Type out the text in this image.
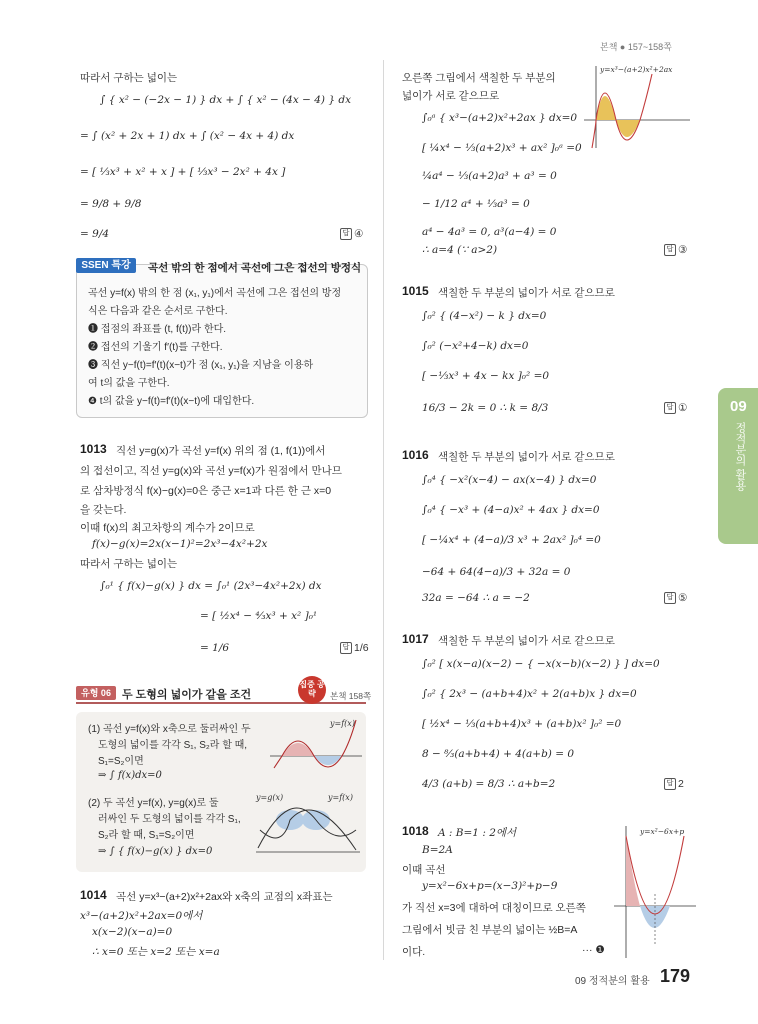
본책 ● 157~158쪽
09 정적분의 활용 179
09
정적분의 활용
따라서 구하는 넓이는
∫ { x² − (−2x − 1) } dx + ∫ { x² − (4x − 4) } dx
= ∫ (x² + 2x + 1) dx + ∫ (x² − 4x + 4) dx
= [ ⅓x³ + x² + x ] + [ ⅓x³ − 2x² + 4x ]
= 9/8 + 9/8
= 9/4	답 ④
SSEN 특강	곡선 밖의 한 점에서 곡선에 그은 접선의 방정식
곡선 y=f(x) 밖의 한 점 (x₁, y₁)에서 곡선에 그은 접선의 방정
식은 다음과 같은 순서로 구한다.
❶ 접점의 좌표를 (t, f(t))라 한다.
❷ 접선의 기울기 f′(t)를 구한다.
❸ 직선 y−f(t)=f′(t)(x−t)가 점 (x₁, y₁)을 지남을 이용하
여 t의 값을 구한다.
❹ t의 값을 y−f(t)=f′(t)(x−t)에 대입한다.
1013 직선 y=g(x)가 곡선 y=f(x) 위의 점 (1, f(1))에서
의 접선이고, 직선 y=g(x)와 곡선 y=f(x)가 원점에서 만나므
로 삼차방정식 f(x)−g(x)=0은 중근 x=1과 다른 한 근 x=0
을 갖는다.
이때 f(x)의 최고차항의 계수가 2이므로
f(x)−g(x)=2x(x−1)²=2x³−4x²+2x
따라서 구하는 넓이는
∫₀¹ { f(x)−g(x) } dx = ∫₀¹ (2x³−4x²+2x) dx
= [ ½x⁴ − ⁴⁄₃x³ + x² ]₀¹
= 1/6	답 1/6
유형 06	두 도형의 넓이가 같을 조건
집중 공략	본책 158쪽
(1) 곡선 y=f(x)와 x축으로 둘러싸인 두
도형의 넓이를 각각 S₁, S₂라 할 때,
S₁=S₂이면
⇒ ∫ f(x)dx=0
y=f(x)
(2) 두 곡선 y=f(x), y=g(x)로 둘
러싸인 두 도형의 넓이를 각각 S₁,
S₂라 할 때, S₁=S₂이면
⇒ ∫ { f(x)−g(x) } dx=0
y=g(x)	y=f(x)
1014 곡선 y=x³−(a+2)x²+2ax와 x축의 교점의 x좌표는
x³−(a+2)x²+2ax=0에서
x(x−2)(x−a)=0
∴ x=0 또는 x=2 또는 x=a
오른쪽 그림에서 색칠한 두 부분의
넓이가 서로 같으므로
∫₀ᵃ { x³−(a+2)x²+2ax } dx=0
[ ¼x⁴ − ⅓(a+2)x³ + ax² ]₀ᵃ =0
¼a⁴ − ⅓(a+2)a³ + a³ = 0
− 1/12 a⁴ + ⅓a³ = 0
a⁴ − 4a³ = 0, a³(a−4) = 0
∴ a=4 (∵ a>2)	답 ③
y=x³−(a+2)x²+2ax
1015 색칠한 두 부분의 넓이가 서로 같으므로
∫₀² { (4−x²) − k } dx=0
∫₀² (−x²+4−k) dx=0
[ −⅓x³ + 4x − kx ]₀² =0
16/3 − 2k = 0 ∴ k = 8/3	답 ①
1016 색칠한 두 부분의 넓이가 서로 같으므로
∫₀⁴ { −x²(x−4) − ax(x−4) } dx=0
∫₀⁴ { −x³ + (4−a)x² + 4ax } dx=0
[ −¼x⁴ + (4−a)/3 x³ + 2ax² ]₀⁴ =0
−64 + 64(4−a)/3 + 32a = 0
32a = −64 ∴ a = −2	답 ⑤
1017 색칠한 두 부분의 넓이가 서로 같으므로
∫₀² [ x(x−a)(x−2) − { −x(x−b)(x−2) } ] dx=0
∫₀² { 2x³ − (a+b+4)x² + 2(a+b)x } dx=0
[ ½x⁴ − ⅓(a+b+4)x³ + (a+b)x² ]₀² =0
8 − ⁸⁄₃(a+b+4) + 4(a+b) = 0
4/3 (a+b) = 8/3 ∴ a+b=2	답 2
1018 A : B=1 : 2에서
B=2A
이때 곡선
y=x²−6x+p=(x−3)²+p−9
가 직선 x=3에 대하여 대칭이므로 오른쪽
그림에서 빗금 친 부분의 넓이는 ½B=A
이다.	··· ❶
y=x²−6x+p
